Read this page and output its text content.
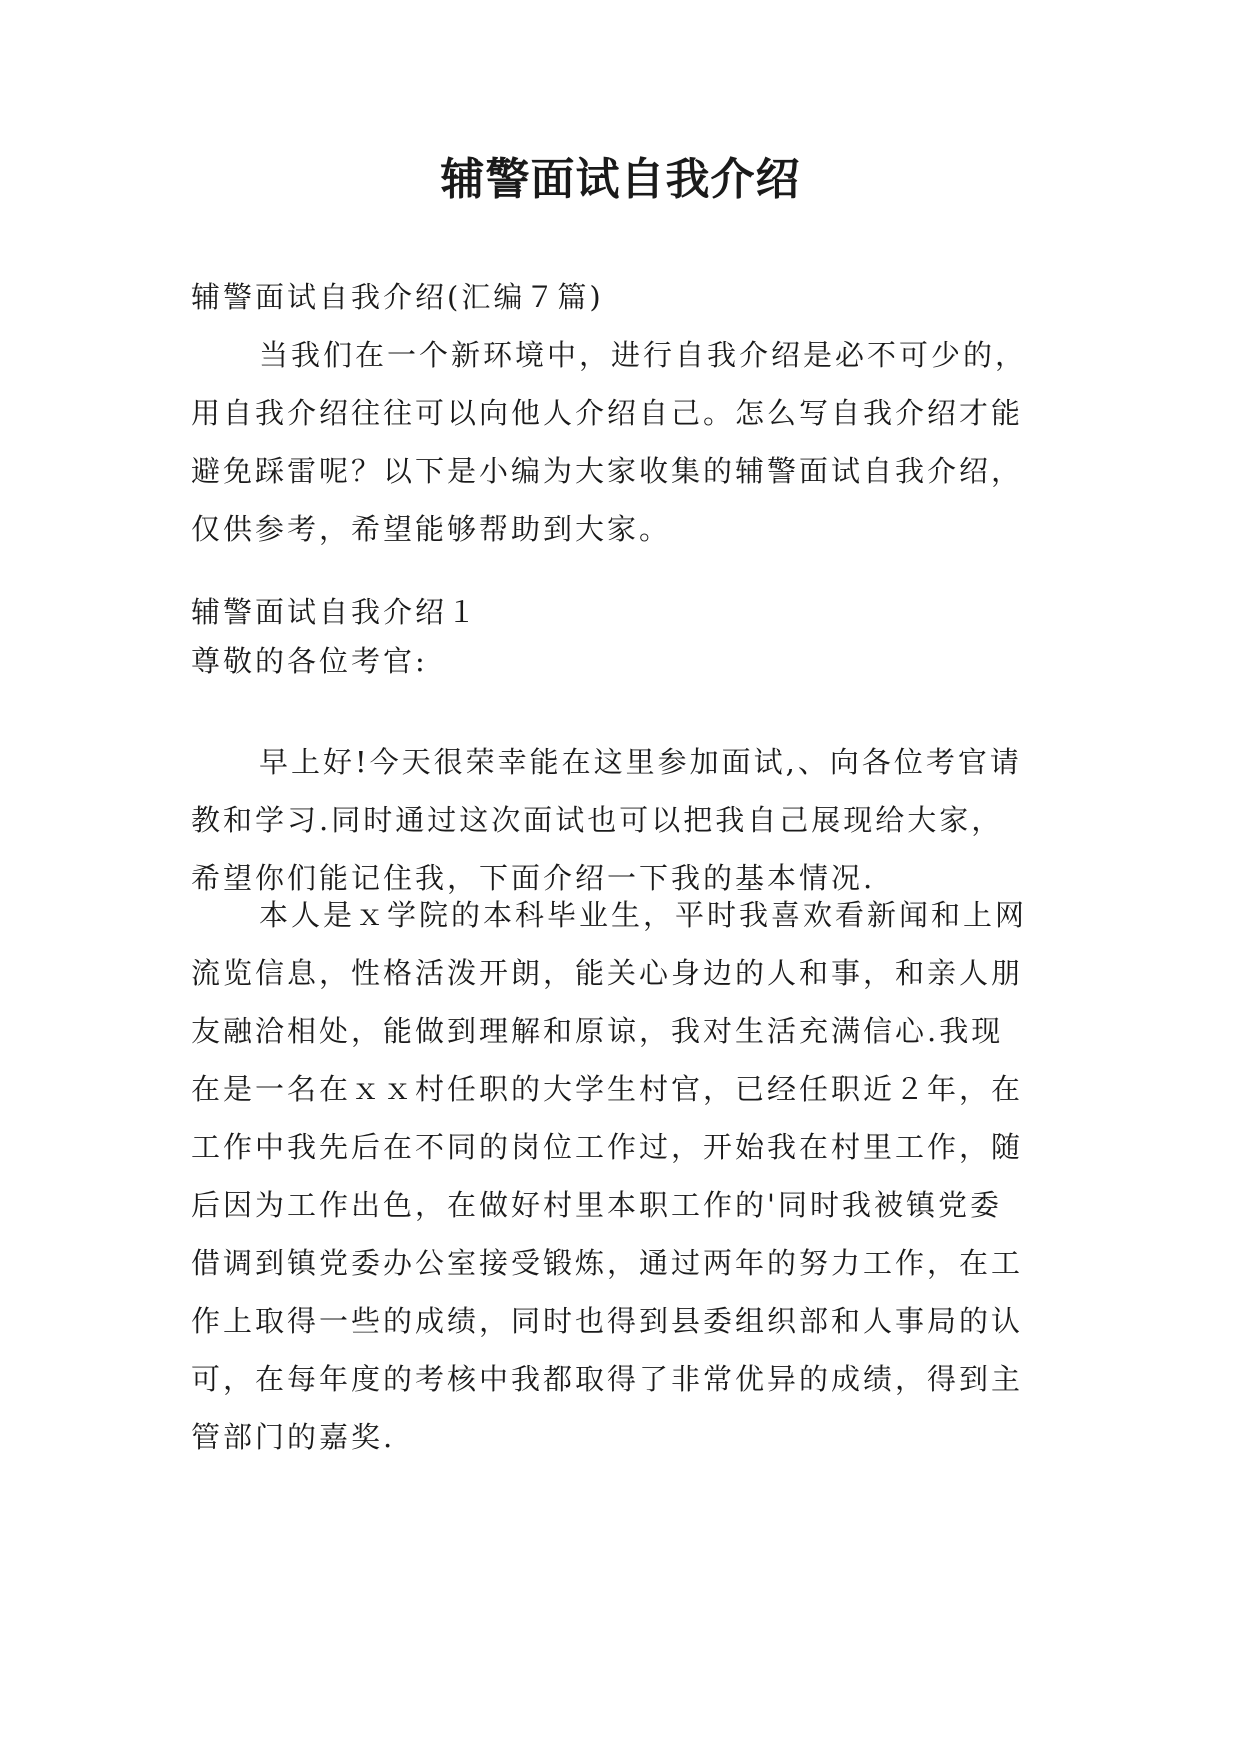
辅警面试自我介绍
辅警面试自我介绍(汇编７篇)
当我们在一个新环境中，进行自我介绍是必不可少的，
用自我介绍往往可以向他人介绍自己。怎么写自我介绍才能
避免踩雷呢？以下是小编为大家收集的辅警面试自我介绍，
仅供参考，希望能够帮助到大家。
辅警面试自我介绍１
尊敬的各位考官:
早上好!今天很荣幸能在这里参加面试,、向各位考官请
教和学习.同时通过这次面试也可以把我自己展现给大家，
希望你们能记住我，下面介绍一下我的基本情况.
本人是ｘ学院的本科毕业生，平时我喜欢看新闻和上网
流览信息，性格活泼开朗，能关心身边的人和事，和亲人朋
友融洽相处，能做到理解和原谅，我对生活充满信心.我现
在是一名在ｘｘ村任职的大学生村官，已经任职近２年，在
工作中我先后在不同的岗位工作过，开始我在村里工作，随
后因为工作出色，在做好村里本职工作的'同时我被镇党委
借调到镇党委办公室接受锻炼，通过两年的努力工作，在工
作上取得一些的成绩，同时也得到县委组织部和人事局的认
可，在每年度的考核中我都取得了非常优异的成绩，得到主
管部门的嘉奖.
